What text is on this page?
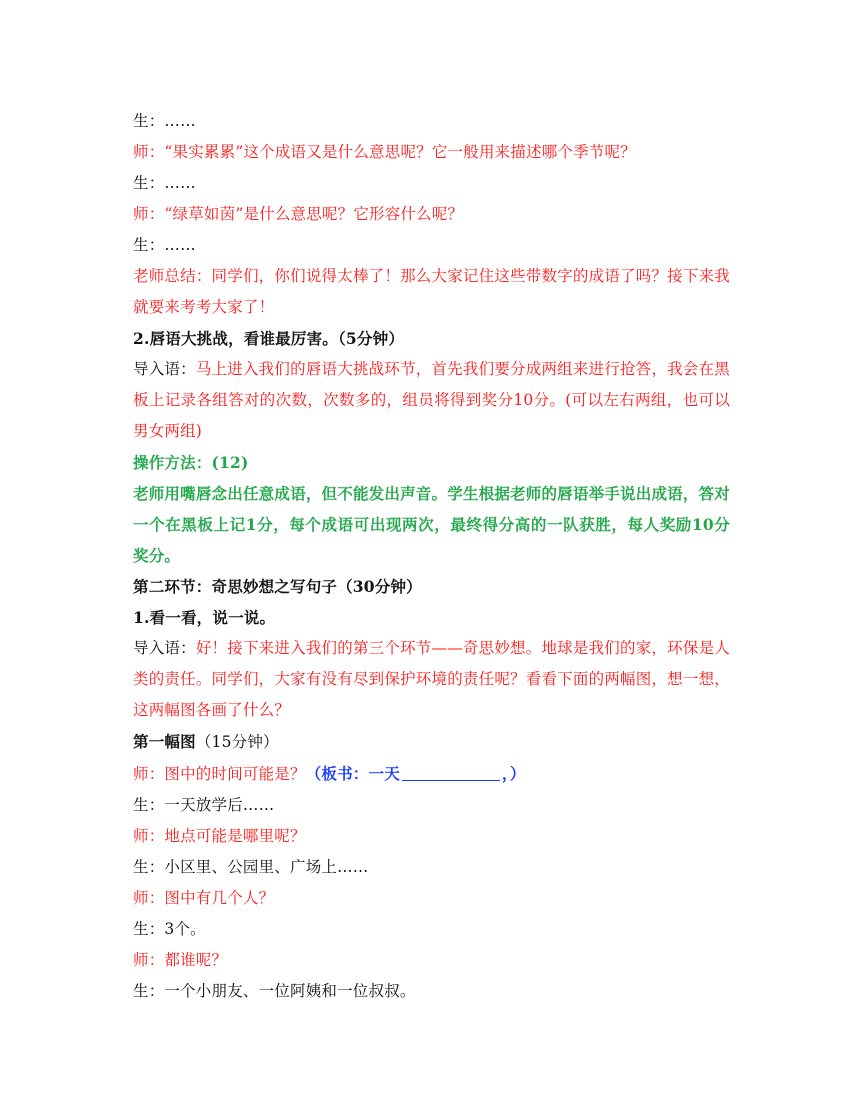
生：……
师：“果实累累”这个成语又是什么意思呢？它一般用来描述哪个季节呢？
生：……
师：“绿草如茵”是什么意思呢？它形容什么呢？
生：……
老师总结：同学们，你们说得太棒了！那么大家记住这些带数字的成语了吗？接下来我就要来考考大家了！
2.唇语大挑战，看谁最厉害。（5分钟）
导入语：马上进入我们的唇语大挑战环节，首先我们要分成两组来进行抢答，我会在黑板上记录各组答对的次数，次数多的，组员将得到奖分10分。(可以左右两组，也可以男女两组)
操作方法：(12)
老师用嘴唇念出任意成语，但不能发出声音。学生根据老师的唇语举手说出成语，答对一个在黑板上记1分，每个成语可出现两次，最终得分高的一队获胜，每人奖励10分奖分。
第二环节：奇思妙想之写句子（30分钟）
1.看一看，说一说。
导入语：好！接下来进入我们的第三个环节——奇思妙想。地球是我们的家，环保是人类的责任。同学们，大家有没有尽到保护环境的责任呢？看看下面的两幅图，想一想，这两幅图各画了什么？
第一幅图（15分钟）
师：图中的时间可能是？（板书：一天	，）
生：一天放学后……
师：地点可能是哪里呢？
生：小区里、公园里、广场上……
师：图中有几个人？
生：3个。
师：都谁呢？
生：一个小朋友、一位阿姨和一位叔叔。
